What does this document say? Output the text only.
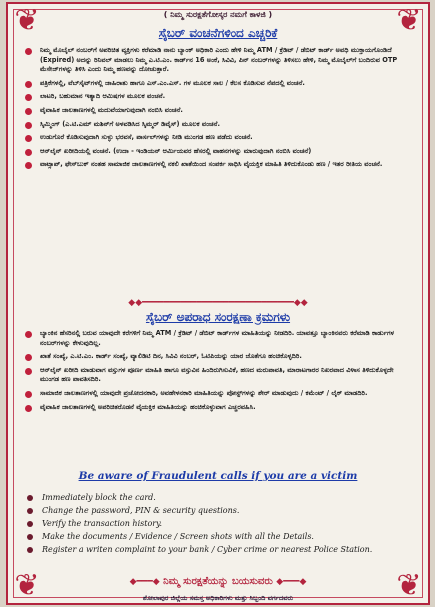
❦	❦
❦	❦
( ನಿಮ್ಮ ಸುರಕ್ಷತೆಗೋಸ್ಕರ ನಮಗೆ ಕಾಳಜಿ )
ಸೈಬರ್ ವಂಚನೆಗಳಿಂದ ಎಚ್ಚರಿಕೆ
ನಿಮ್ಮ ಮೊಬೈಲ್ ನಂಬರ್‌ಗೆ ಅಪರಿಚಿತ ವ್ಯಕ್ತಿಗಳು ಕರೆಮಾಡಿ ನಾನು ಬ್ಯಾಂಕ್ ಅಧಿಕಾರಿ ಎಂದು ಹೇಳಿ ನಿಮ್ಮ ATM / ಕ್ರೆಡಿಟ್ / ಡೆಬಿಟ್ ಕಾರ್ಡ್ ಅವಧಿ ಮುಕ್ತಾಯಗೊಂಡಿದೆ (Expired) ಅದನ್ನು ರಿನಿವಲ್ ಮಾಡಲು ನಿಮ್ಮ ಎ.ಟಿ.ಎಂ. ಕಾರ್ಡ್‌ನ 16 ಅಂಕೆ, ಸಿವಿವಿ, ಪಿನ್ ನಂಬರ್‌ಗಳನ್ನು ತಿಳಿಸಲು ಹೇಳಿ, ನಿಮ್ಮ ಮೊಬೈಲ್‌ಗೆ ಬಂದಿರುವ OTP ಮೆಸೇಜ್‌ಗಳನ್ನು ತಿಳಿಸಿ ಎಂದು ನಿಮ್ಮ ಹಣವನ್ನು ದೋಚುತ್ತಾರೆ.
ಪತ್ರಿಕೆಗಳಲ್ಲಿ, ವೆಬ್‌ಸೈಟ್‌ಗಳಲ್ಲಿ ಜಾಹಿರಾತು ಹಾಗೂ ಎಸ್.ಎಂ.ಎಸ್. ಗಳ ಮೂಲಕ ಸಾಲ / ಕೆಲಸ ಕೊಡಿಸುವ ನೆಪದಲ್ಲಿ ವಂಚನೆ.
ಲಾಟರಿ, ಬಹುಮಾನ ಇತ್ಯಾದಿ ಆಮಿಷಗಳ ಮೂಲಕ ವಂಚನೆ.
ವೈವಾಹಿಕ ಜಾಲತಾಣಗಳಲ್ಲಿ ಮದುವೆಯಾಗುವುದಾಗಿ ನಂಬಿಸಿ ವಂಚನೆ.
ಸ್ಕಿಮ್ಮಿಂಗ್ (ಎ.ಟಿ.ಎಮ್ ಮಶಿನ್‌ಗೆ ಅಳವಡಿಸಿದ ಸ್ಕಿಮ್ಮರ್ ಡಿವೈಸ್) ಮೂಲಕ ವಂಚನೆ.
ಉಡುಗೊರೆ ಕೊಡಿಸುವುದಾಗಿ ಸುಳ್ಳು ಭರವಸೆ, ಪಾರ್ಸಲ್‌ಗಳನ್ನು ನೀಡಿ ಮುಂಗಡ ಹಣ ಪಡೆದು ವಂಚನೆ.
ಆನ್‌ಲೈನ್ ಖರೀದಿಯಲ್ಲಿ ವಂಚನೆ. (ಉದಾ - ಇಂಡಿಯನ್ ಆರ್ಮಿಯವರ ಹೆಸರಲ್ಲಿ ವಾಹನಗಳನ್ನು ಮಾರುವುದಾಗಿ ನಂಬಿಸಿ ವಂಚನೆ)
ವಾಟ್ಸಾಪ್, ಫೇಸ್‌ಬುಕ್ ನಂತಹ ಸಾಮಾಜಿಕ ಜಾಲತಾಣಗಳಲ್ಲಿ ನಕಲಿ ಖಾತೆಯಿಂದ ಸಂಪರ್ಕ ಸಾಧಿಸಿ ವೈಯಕ್ತಿಕ ಮಾಹಿತಿ ತಿಳಿದುಕೊಂಡು ಹಣ / ಇತರ ರೀತಿಯ ವಂಚನೆ.
◆◆━━━━━━━━━━━━━━━━━━━━━━━━━━━━◆◆
ಸೈಬರ್ ಅಪರಾಧ ಸಂರಕ್ಷಣಾ ಕ್ರಮಗಳು
ಬ್ಯಾಂಕಿನ ಹೆಸರಿನಲ್ಲಿ ಬರುವ ಯಾವುದೇ ಕರೆಗಳಿಗೆ ನಿಮ್ಮ ATM / ಕ್ರೆಡಿಟ್ / ಡೆಬಿಟ್ ಕಾರ್ಡ್‌ಗಳ ಮಾಹಿತಿಯನ್ನು ನೀಡದಿರಿ. ಯಾವತ್ತೂ ಬ್ಯಾಂಕಿನವರು ಕರೆಮಾಡಿ ಕಾರ್ಡುಗಳ ನಂಬರ್‌ಗಳನ್ನು ಕೇಳುವುದಿಲ್ಲ.
ಖಾತೆ ಸಂಖ್ಯೆ, ಎ.ಟಿ.ಎಂ. ಕಾರ್ಡ್ ಸಂಖ್ಯೆ, ವ್ಯಾಲಿಡಿಟಿ ದಿನ, ಸಿವಿವಿ ನಂಬರ್, ಓಟಿಪಿಯನ್ನು ಯಾರ ಜೊತೆಗೂ ಹಂಚಿಕೊಳ್ಳದಿರಿ.
ಆನ್‌ಲೈನ್ ಖರೀದಿ ಮಾಡುವಾಗ ವಸ್ತುಗಳ ಪೂರ್ಣ ಮಾಹಿತಿ ಹಾಗೂ ವಸ್ತುವಿನ ಹಿಂದಿರುಗಿಸುವಿಕೆ, ಹಣದ ಮರುಪಾವತಿ, ಮಾರಾಟಗಾರರ ನಿಖರವಾದ ವಿಳಾಸ ತಿಳಿದುಕೊಳ್ಳದೇ ಮುಂಗಡ ಹಣ ಪಾವತಿಸದಿರಿ.
ಸಾಮಾಜಿಕ ಜಾಲತಾಣಗಳಲ್ಲಿ ಯಾವುದೇ ಪ್ರಚೋದನಕಾರಿ, ಅವಹೇಳನಕಾರಿ ಮಾಹಿತಿಯನ್ನು ಪೋಸ್ಟ್‌ಗಳನ್ನು ಶೇರ್ ಮಾಡುವುದು / ಕಮೆಂಟ್ / ಲೈಕ್ ಮಾಡದಿರಿ.
ವೈವಾಹಿಕ ಜಾಲತಾಣಗಳಲ್ಲಿ ಅಪರಿಚಿತರೊಡನೆ ವೈಯಕ್ತಿಕ ಮಾಹಿತಿಯನ್ನು ಹಂಚಿಕೊಳ್ಳುವಾಗ ಎಚ್ಚರವಹಿಸಿ.
Be aware of Fraudulent calls if you are a victim
Immediately block the card.
Change the password, PIN & security questions.
Verify the transaction history.
Make the documents / Evidence / Screen shots with all the Details.
Register a writen complaint to your bank / Cyber crime or nearest Police Station.
◆━━━◆ ನಿಮ್ಮ ಸುರಕ್ಷತೆಯನ್ನು ಬಯಸುವರು ◆━━━◆
ಶೋಲಾಪುರ ಜಿಲ್ಲೆಯ ಸಮಸ್ತ ಅಧಿಕಾರಿಗಳು ಮತ್ತು ಸಿಬ್ಬಂದಿ ವರ್ಗದವರು
